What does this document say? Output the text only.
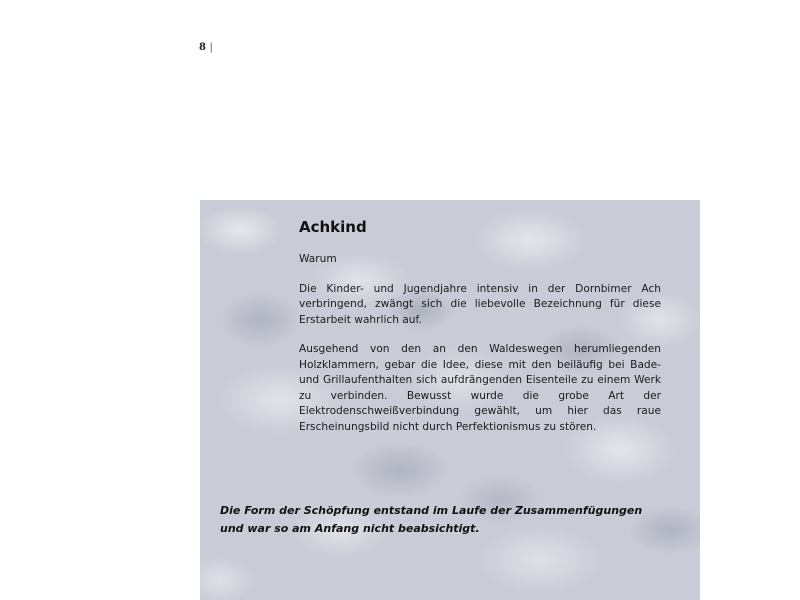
8 |
Achkind

Warum

Die Kinder- und Jugendjahre intensiv in der Dornbimer Ach verbringend, zwängt sich die liebevolle Bezeichnung für diese Erstarbeit wahrlich auf.

Ausgehend von den an den Waldeswegen herumliegenden Holzklammern, gebar die Idee, diese mit den beiläufig bei Bade- und Grillaufenthalten sich aufdrängenden Eisenteile zu einem Werk zu verbinden. Bewusst wurde die grobe Art der Elektrodenschweißverbindung gewählt, um hier das raue Erscheinungsbild nicht durch Perfektionismus zu stören.

Die Form der Schöpfung entstand im Laufe der Zusammenfügungen und war so am Anfang nicht beabsichtigt.
